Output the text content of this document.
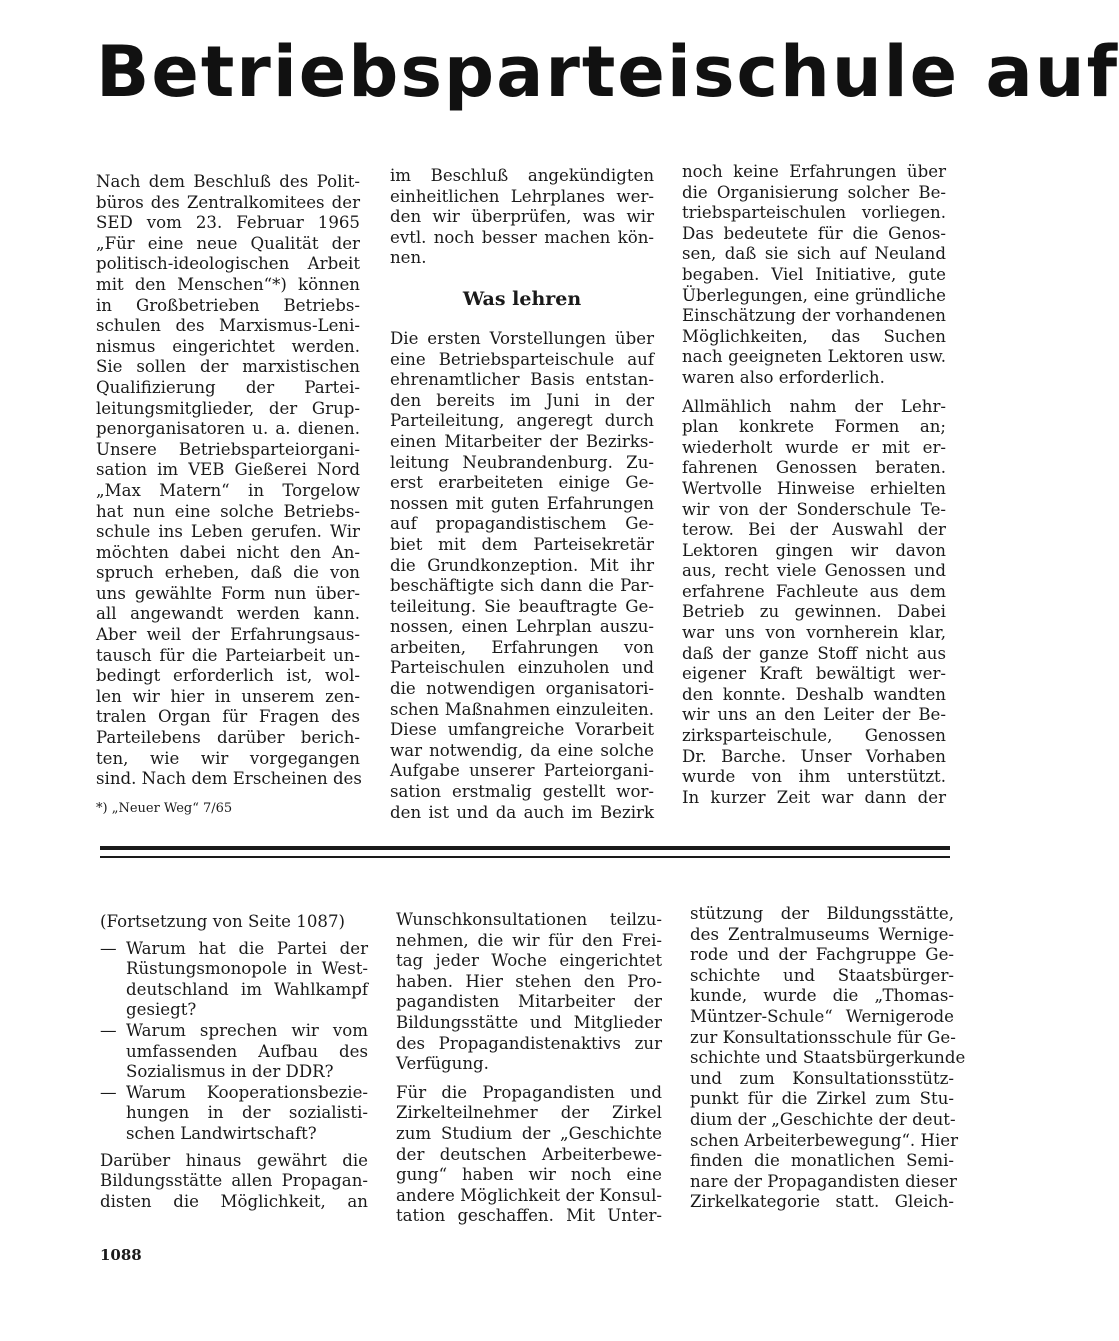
Betriebsparteischule auf
Nach dem Beschluß des Polit-
büros des Zentralkomitees der
SED vom 23. Februar 1965
„Für eine neue Qualität der
politisch-ideologischen Arbeit
mit den Menschen“*) können
in Großbetrieben Betriebs-
schulen des Marxismus-Leni-
nismus eingerichtet werden.
Sie sollen der marxistischen
Qualifizierung der Partei-
leitungsmitglieder, der Grup-
penorganisatoren u. a. dienen.
Unsere Betriebsparteiorgani-
sation im VEB Gießerei Nord
„Max Matern“ in Torgelow
hat nun eine solche Betriebs-
schule ins Leben gerufen. Wir
möchten dabei nicht den An-
spruch erheben, daß die von
uns gewählte Form nun über-
all angewandt werden kann.
Aber weil der Erfahrungsaus-
tausch für die Parteiarbeit un-
bedingt erforderlich ist, wol-
len wir hier in unserem zen-
tralen Organ für Fragen des
Parteilebens darüber berich-
ten, wie wir vorgegangen
sind. Nach dem Erscheinen des
*) „Neuer Weg“ 7/65
im Beschluß angekündigten
einheitlichen Lehrplanes wer-
den wir überprüfen, was wir
evtl. noch besser machen kön-
nen.
Was lehren
Die ersten Vorstellungen über
eine Betriebsparteischule auf
ehrenamtlicher Basis entstan-
den bereits im Juni in der
Parteileitung, angeregt durch
einen Mitarbeiter der Bezirks-
leitung Neubrandenburg. Zu-
erst erarbeiteten einige Ge-
nossen mit guten Erfahrungen
auf propagandistischem Ge-
biet mit dem Parteisekretär
die Grundkonzeption. Mit ihr
beschäftigte sich dann die Par-
teileitung. Sie beauftragte Ge-
nossen, einen Lehrplan auszu-
arbeiten, Erfahrungen von
Parteischulen einzuholen und
die notwendigen organisatori-
schen Maßnahmen einzuleiten.
Diese umfangreiche Vorarbeit
war notwendig, da eine solche
Aufgabe unserer Parteiorgani-
sation erstmalig gestellt wor-
den ist und da auch im Bezirk
noch keine Erfahrungen über
die Organisierung solcher Be-
triebsparteischulen vorliegen.
Das bedeutete für die Genos-
sen, daß sie sich auf Neuland
begaben. Viel Initiative, gute
Überlegungen, eine gründliche
Einschätzung der vorhandenen
Möglichkeiten, das Suchen
nach geeigneten Lektoren usw.
waren also erforderlich.
Allmählich nahm der Lehr-
plan konkrete Formen an;
wiederholt wurde er mit er-
fahrenen Genossen beraten.
Wertvolle Hinweise erhielten
wir von der Sonderschule Te-
terow. Bei der Auswahl der
Lektoren gingen wir davon
aus, recht viele Genossen und
erfahrene Fachleute aus dem
Betrieb zu gewinnen. Dabei
war uns von vornherein klar,
daß der ganze Stoff nicht aus
eigener Kraft bewältigt wer-
den konnte. Deshalb wandten
wir uns an den Leiter der Be-
zirksparteischule, Genossen
Dr. Barche. Unser Vorhaben
wurde von ihm unterstützt.
In kurzer Zeit war dann der
(Fortsetzung von Seite 1087)
— Warum hat die Partei der
Rüstungsmonopole in West-
deutschland im Wahlkampf
gesiegt?
— Warum sprechen wir vom
umfassenden Aufbau des
Sozialismus in der DDR?
— Warum Kooperationsbezie-
hungen in der sozialisti-
schen Landwirtschaft?
Darüber hinaus gewährt die
Bildungsstätte allen Propagan-
disten die Möglichkeit, an
Wunschkonsultationen teilzu-
nehmen, die wir für den Frei-
tag jeder Woche eingerichtet
haben. Hier stehen den Pro-
pagandisten Mitarbeiter der
Bildungsstätte und Mitglieder
des Propagandistenaktivs zur
Verfügung.
Für die Propagandisten und
Zirkelteilnehmer der Zirkel
zum Studium der „Geschichte
der deutschen Arbeiterbewe-
gung“ haben wir noch eine
andere Möglichkeit der Konsul-
tation geschaffen. Mit Unter-
stützung der Bildungsstätte,
des Zentralmuseums Wernige-
rode und der Fachgruppe Ge-
schichte und Staatsbürger-
kunde, wurde die „Thomas-
Müntzer-Schule“ Wernigerode
zur Konsultationsschule für Ge-
schichte und Staatsbürgerkunde
und zum Konsultationsstütz-
punkt für die Zirkel zum Stu-
dium der „Geschichte der deut-
schen Arbeiterbewegung“. Hier
finden die monatlichen Semi-
nare der Propagandisten dieser
Zirkelkategorie statt. Gleich-
1088
